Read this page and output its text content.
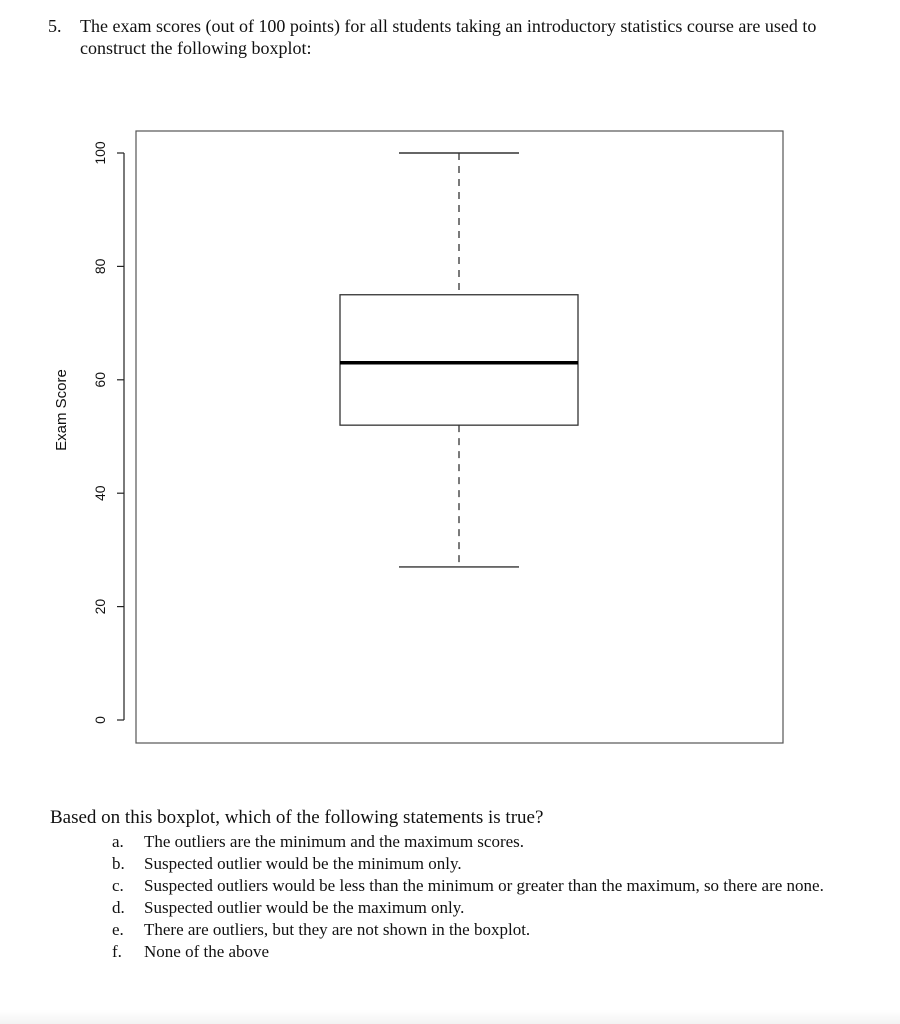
5. The exam scores (out of 100 points) for all students taking an introductory statistics course are used to construct the following boxplot:
0
20
40
60
80
100
Exam Score
Based on this boxplot, which of the following statements is true?
a. The outliers are the minimum and the maximum scores.
b. Suspected outlier would be the minimum only.
c. Suspected outliers would be less than the minimum or greater than the maximum, so there are none.
d. Suspected outlier would be the maximum only.
e. There are outliers, but they are not shown in the boxplot.
f. None of the above
